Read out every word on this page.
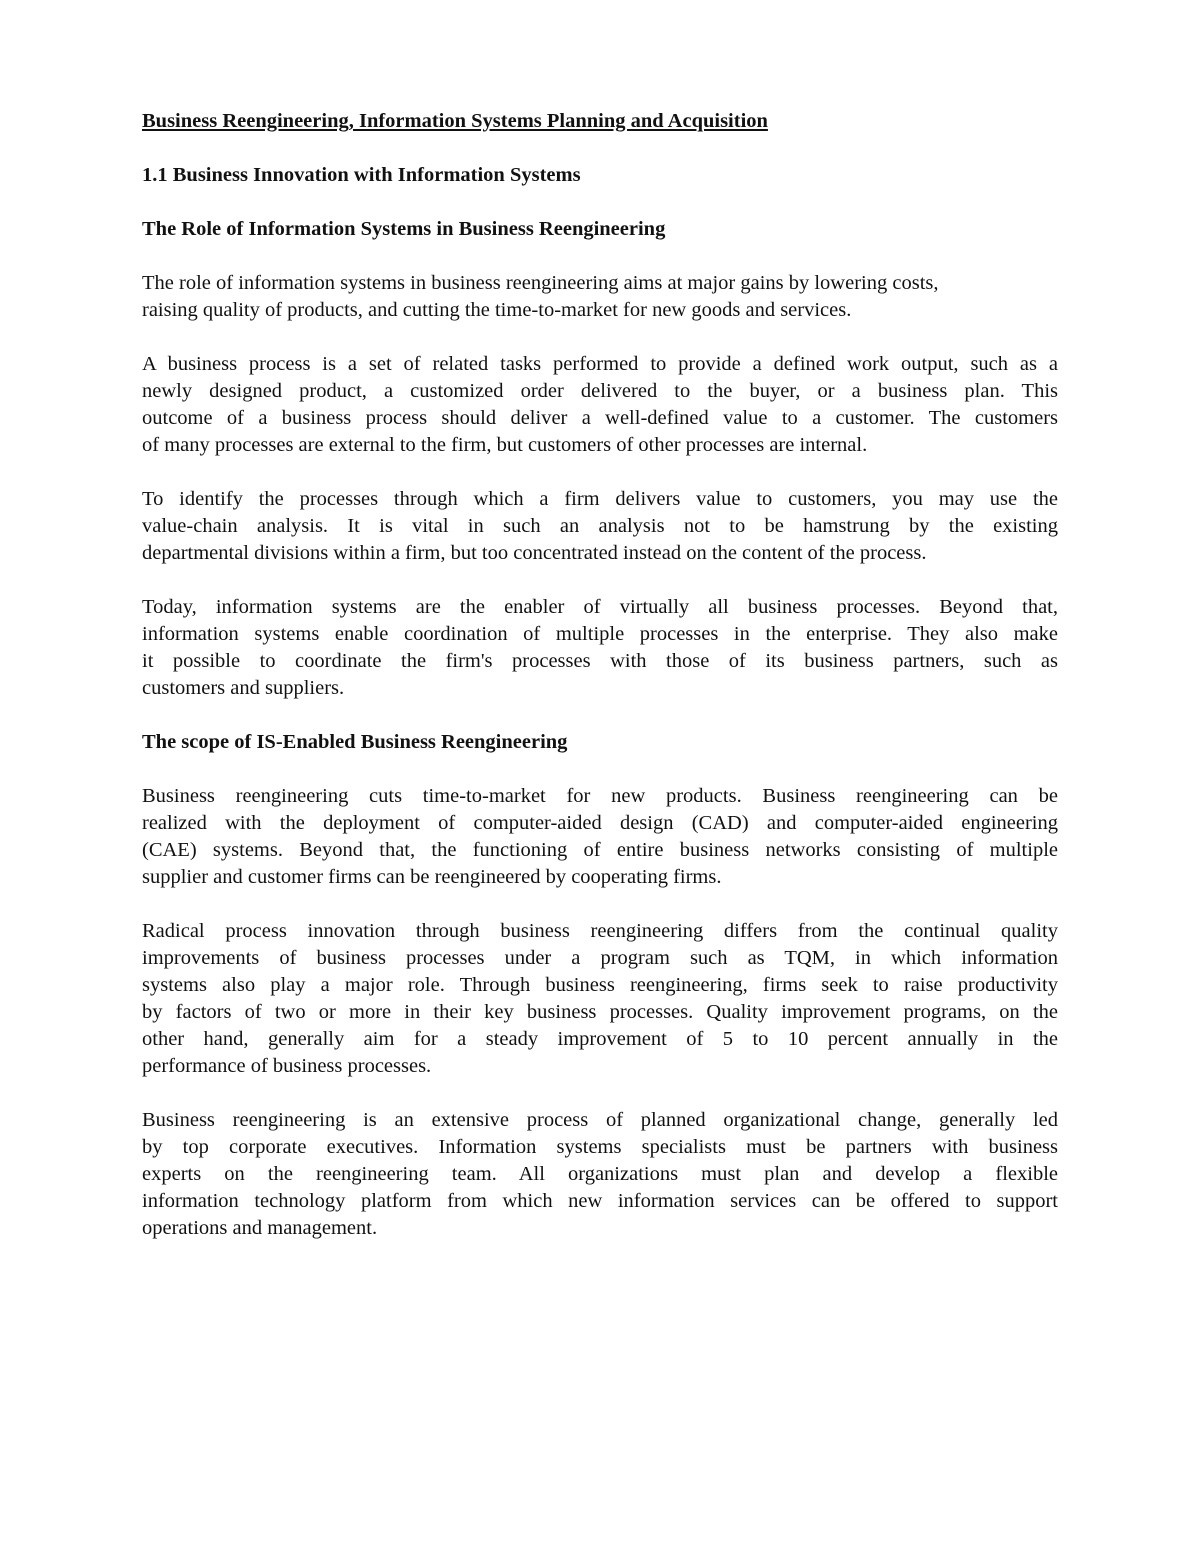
Business Reengineering, Information Systems Planning and Acquisition
1.1 Business Innovation with Information Systems
The Role of Information Systems in Business Reengineering
The role of information systems in business reengineering aims at major gains by lowering costs,
raising quality of products, and cutting the time-to-market for new goods and services.
A business process is a set of related tasks performed to provide a defined work output, such as a
newly designed product, a customized order delivered to the buyer, or a business plan. This
outcome of a business process should deliver a well-defined value to a customer. The customers
of many processes are external to the firm, but customers of other processes are internal.
To identify the processes through which a firm delivers value to customers, you may use the
value-chain analysis. It is vital in such an analysis not to be hamstrung by the existing
departmental divisions within a firm, but too concentrated instead on the content of the process.
Today, information systems are the enabler of virtually all business processes. Beyond that,
information systems enable coordination of multiple processes in the enterprise. They also make
it possible to coordinate the firm's processes with those of its business partners, such as
customers and suppliers.
The scope of IS-Enabled Business Reengineering
Business reengineering cuts time-to-market for new products. Business reengineering can be
realized with the deployment of computer-aided design (CAD) and computer-aided engineering
(CAE) systems. Beyond that, the functioning of entire business networks consisting of multiple
supplier and customer firms can be reengineered by cooperating firms.
Radical process innovation through business reengineering differs from the continual quality
improvements of business processes under a program such as TQM, in which information
systems also play a major role. Through business reengineering, firms seek to raise productivity
by factors of two or more in their key business processes. Quality improvement programs, on the
other hand, generally aim for a steady improvement of 5 to 10 percent annually in the
performance of business processes.
Business reengineering is an extensive process of planned organizational change, generally led
by top corporate executives. Information systems specialists must be partners with business
experts on the reengineering team. All organizations must plan and develop a flexible
information technology platform from which new information services can be offered to support
operations and management.
